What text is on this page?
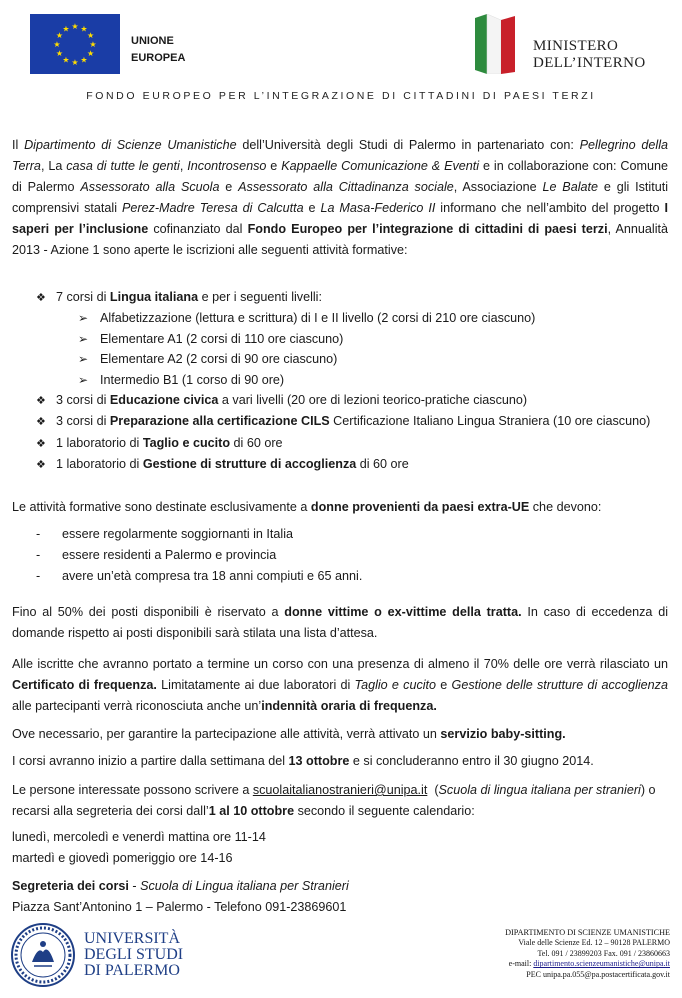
★ ★
★
★
★
★
★
★
★
★
★
★
UNIONE
EUROPEA
MINISTERO
DELL’INTERNO
FONDO EUROPEO PER L’INTEGRAZIONE DI CITTADINI DI PAESI TERZI
Il Dipartimento di Scienze Umanistiche dell’Università degli Studi di Palermo in partenariato con: Pellegrino della Terra, La casa di tutte le genti, Incontrosenso e Kappaelle Comunicazione & Eventi e in collaborazione con: Comune di Palermo Assessorato alla Scuola e Assessorato alla Cittadinanza sociale, Associazione Le Balate e gli Istituti comprensivi statali Perez-Madre Teresa di Calcutta e La Masa-Federico II informano che nell’ambito del progetto I saperi per l’inclusione cofinanziato dal Fondo Europeo per l’integrazione di cittadini di paesi terzi, Annualità 2013 - Azione 1 sono aperte le iscrizioni alle seguenti attività formative:
❖ 7 corsi di Lingua italiana e per i seguenti livelli:
➢ Alfabetizzazione (lettura e scrittura) di I e II livello (2 corsi di 210 ore ciascuno)
➢ Elementare A1 (2 corsi di 110 ore ciascuno)
➢ Elementare A2 (2 corsi di 90 ore ciascuno)
➢ Intermedio B1 (1 corso di 90 ore)
❖ 3 corsi di Educazione civica a vari livelli (20 ore di lezioni teorico-pratiche ciascuno)
❖ 3 corsi di Preparazione alla certificazione CILS Certificazione Italiano Lingua Straniera (10 ore ciascuno)
❖ 1 laboratorio di Taglio e cucito di 60 ore
❖ 1 laboratorio di Gestione di strutture di accoglienza di 60 ore
Le attività formative sono destinate esclusivamente a donne provenienti da paesi extra-UE che devono:
- essere regolarmente soggiornanti in Italia
- essere residenti a Palermo e provincia
- avere un’età compresa tra 18 anni compiuti e 65 anni.
Fino al 50% dei posti disponibili è riservato a donne vittime o ex-vittime della tratta. In caso di eccedenza di domande rispetto ai posti disponibili sarà stilata una lista d’attesa.
Alle iscritte che avranno portato a termine un corso con una presenza di almeno il 70% delle ore verrà rilasciato un Certificato di frequenza. Limitatamente ai due laboratori di Taglio e cucito e Gestione delle strutture di accoglienza alle partecipanti verrà riconosciuta anche un’indennità oraria di frequenza.
Ove necessario, per garantire la partecipazione alle attività, verrà attivato un servizio baby-sitting.
I corsi avranno inizio a partire dalla settimana del 13 ottobre e si concluderanno entro il 30 giugno 2014.
Le persone interessate possono scrivere a scuolaitalianostranieri@unipa.it  (Scuola di lingua italiana per stranieri) o recarsi alla segreteria dei corsi dall’1 al 10 ottobre secondo il seguente calendario:
lunedì, mercoledì e venerdì mattina ore 11-14
martedì e giovedì pomeriggio ore 14-16
Segreteria dei corsi - Scuola di Lingua italiana per Stranieri
Piazza Sant’Antonino 1 – Palermo - Telefono 091-23869601
UNIVERSITÀ
DEGLI STUDI
DI PALERMO
DIPARTIMENTO DI SCIENZE UMANISTICHE
Viale delle Scienze Ed. 12 – 90128 PALERMO
Tel. 091 / 23899203 Fax. 091 / 23860663
e-mail: dipartimento.scienzeumanistiche@unipa.it
PEC unipa.pa.055@pa.postacertificata.gov.it
